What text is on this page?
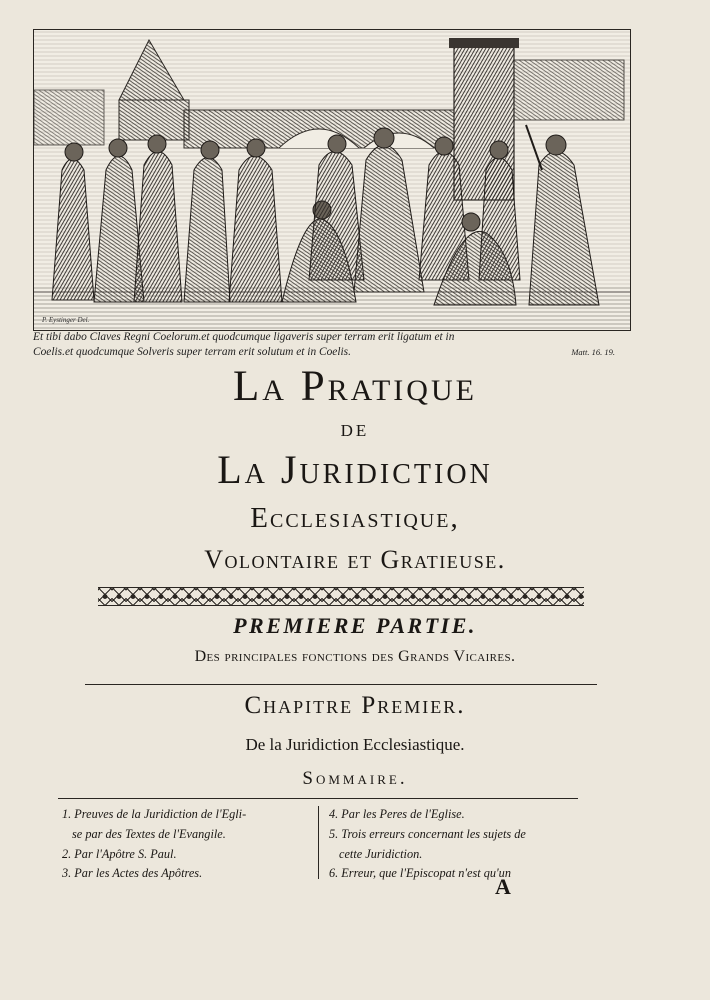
P. Eystinger Del.
Et tibi dabo Claves Regni Coelorum.et quodcumque ligaveris super terram erit ligatum et in
Coelis.et quodcumque Solveris super terram erit solutum et in Coelis.	Matt. 16. 19.
La Pratique
DE
La Juridiction
Ecclesiastique,
Volontaire et Gratieuse.
PREMIERE PARTIE.
Des principales fonctions des Grands Vicaires.
Chapitre Premier.
De la Juridiction Ecclesiastique.
Sommaire.
1. Preuves de la Juridiction de l'Egli-
se par des Textes de l'Evangile.
2. Par l'Apôtre S. Paul.
3. Par les Actes des Apôtres.
4. Par les Peres de l'Eglise.
5. Trois erreurs concernant les sujets de
cette Juridiction.
6. Erreur, que l'Episcopat n'est qu'un
A
